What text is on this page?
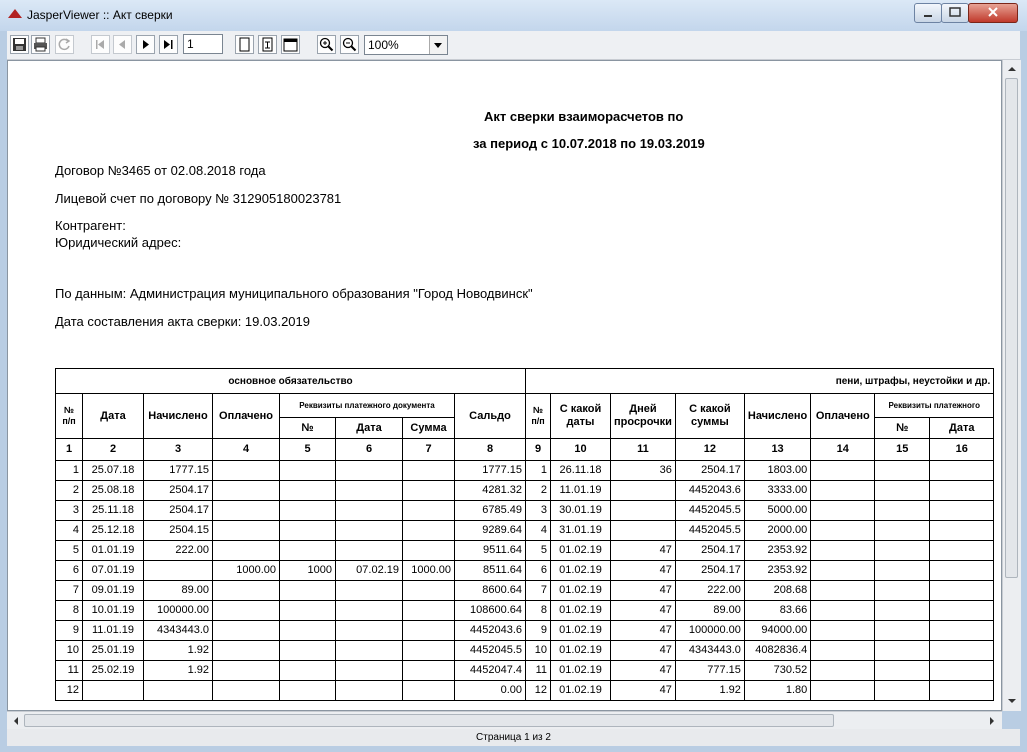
JasperViewer :: Акт сверки
1	100%
Акт сверки взаиморасчетов по
за период с 10.07.2018 по 19.03.2019
Договор №3465 от 02.08.2018 года
Лицевой счет по договору № 312905180023781
Контрагент:
Юридический адрес:
По данным: Администрация муниципального образования "Город Новодвинск"
Дата составления акта сверки: 19.03.2019
основное обязательство								пени, штрафы, неустойки и др.							
№ п/п	Дата	Начислено	Оплачено	Реквизиты платежного документа			Сальдо	№ п/п	С какой даты	Дней просрочки	С какой суммы	Начислено	Оплачено	Реквизиты платежного	
				№	Дата	Сумма								№	Дата
1	2	3	4	5	6	7	8	9	10	11	12	13	14	15	16
1	25.07.18	1777.15					1777.15	1	26.11.18	36	2504.17	1803.00			
2	25.08.18	2504.17					4281.32	2	11.01.19		4452043.6	3333.00			
3	25.11.18	2504.17					6785.49	3	30.01.19		4452045.5	5000.00			
4	25.12.18	2504.15					9289.64	4	31.01.19		4452045.5	2000.00			
5	01.01.19	222.00					9511.64	5	01.02.19	47	2504.17	2353.92			
6	07.01.19		1000.00	1000	07.02.19	1000.00	8511.64	6	01.02.19	47	2504.17	2353.92			
7	09.01.19	89.00					8600.64	7	01.02.19	47	222.00	208.68			
8	10.01.19	100000.00					108600.64	8	01.02.19	47	89.00	83.66			
9	11.01.19	4343443.0					4452043.6	9	01.02.19	47	100000.00	94000.00			
10	25.01.19	1.92					4452045.5	10	01.02.19	47	4343443.0	4082836.4			
11	25.02.19	1.92					4452047.4	11	01.02.19	47	777.15	730.52			
12							0.00	12	01.02.19	47	1.92	1.80			
Страница 1 из 2
